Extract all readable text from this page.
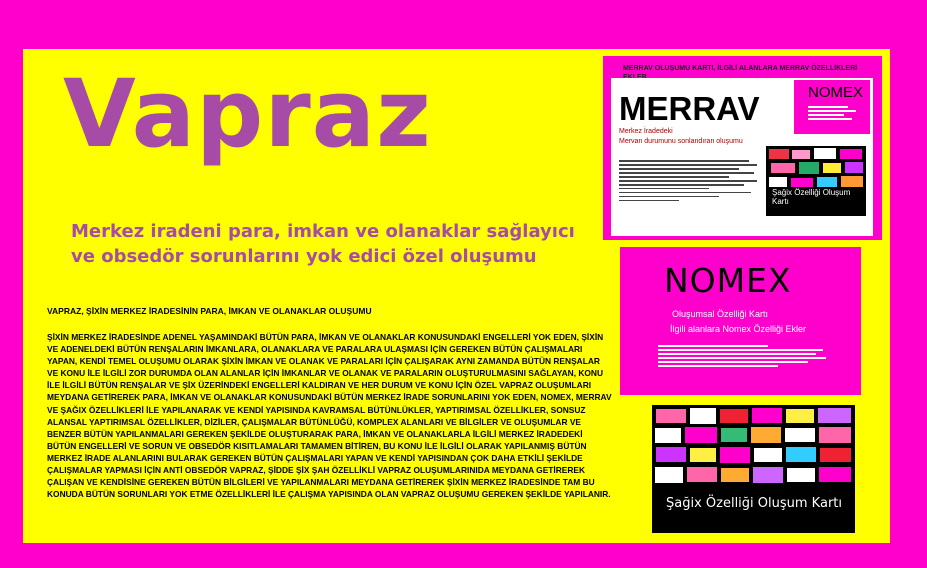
Vapraz
Merkez iradeni para, imkan ve olanaklar sağlayıcı ve obsedör sorunlarını yok edici özel oluşumu
VAPRAZ, ŞİXİN MERKEZ İRADESİNİN PARA, İMKAN VE OLANAKLAR OLUŞUMU
ŞİXİN MERKEZ İRADESİNDE ADENEL YAŞAMINDAKİ BÜTÜN PARA, İMKAN VE OLANAKLAR KONUSUNDAKİ ENGELLERİ YOK EDEN, ŞİXİN VE ADENELDEKİ BÜTÜN RENŞALARIN İMKANLARA, OLANAKLARA VE PARALARA ULAŞMASI İÇİN GEREKEN BÜTÜN ÇALIŞMALARI YAPAN, KENDİ TEMEL OLUŞUMU OLARAK ŞİXİN İMKAN VE OLANAK VE PARALARI İÇİN ÇALIŞARAK AYNI ZAMANDA BÜTÜN RENŞALAR VE KONU İLE İLGİLİ ZOR DURUMDA OLAN ALANLAR İÇİN İMKANLAR VE OLANAK VE PARALARIN OLUŞTURULMASINI SAĞLAYAN, KONU İLE İLGİLİ BÜTÜN RENŞALAR VE ŞİX ÜZERİNDEKİ ENGELLERİ KALDIRAN VE HER DURUM VE KONU İÇİN ÖZEL VAPRAZ OLUŞUMLARI MEYDANA GETİREREK PARA, İMKAN VE OLANAKLAR KONUSUNDAKİ BÜTÜN MERKEZ İRADE SORUNLARINI YOK EDEN, NOMEX, MERRAV VE ŞAĞIX ÖZELLİKLERİ İLE YAPILANARAK VE KENDİ YAPISINDA KAVRAMSAL BÜTÜNLÜKLER, YAPTIRIMSAL ÖZELLİKLER, SONSUZ ALANSAL YAPTIRIMSAL ÖZELLİKLER, DİZİLER, ÇALIŞMALAR BÜTÜNLÜĞÜ, KOMPLEX ALANLARI VE BİLGİLER VE OLUŞUMLAR VE BENZER BÜTÜN YAPILANMALARI GEREKEN ŞEKİLDE OLUŞTURARAK PARA, İMKAN VE OLANAKLARLA İLGİLİ MERKEZ İRADEDEKİ BÜTÜN ENGELLERİ VE SORUN VE OBSEDÖR KISITLAMALARI TAMAMEN BİTİREN, BU KONU İLE İLGİLİ OLARAK YAPILANMIŞ BÜTÜN MERKEZ İRADE ALANLARINI BULARAK GEREKEN BÜTÜN ÇALIŞMALARI YAPAN VE KENDİ YAPISINDAN ÇOK DAHA ETKİLİ ŞEKİLDE ÇALIŞMALAR YAPMASI İÇİN ANTİ OBSEDÖR VAPRAZ, ŞİDDE ŞİX ŞAH ÖZELLİKLİ VAPRAZ OLUŞUMLARINIDA MEYDANA GETİREREK ÇALIŞAN VE KENDİSİNE GEREKEN BÜTÜN BİLGİLERİ VE YAPILANMALARI MEYDANA GETİREREK ŞİXİN MERKEZ İRADESİNDE TAM BU KONUDA BÜTÜN SORUNLARI YOK ETME ÖZELLİKLERİ İLE ÇALIŞMA YAPISINDA OLAN VAPRAZ OLUŞUMU GEREKEN ŞEKİLDE YAPILANIR.
MERRAV OLUŞUMU KARTI, İLGİLİ ALANLARA MERRAV ÖZELLİKLERİ
MERRAV
Merkez İradedeki
Mervan durumunu sonlandıran oluşumu
NOMEX
Şağix Özelliği Oluşum Kartı
NOMEX
Oluşumsal Özelliği Kartı
İlgili alanlara Nomex Özelliği Ekler
Şağix Özelliği Oluşum Kartı
